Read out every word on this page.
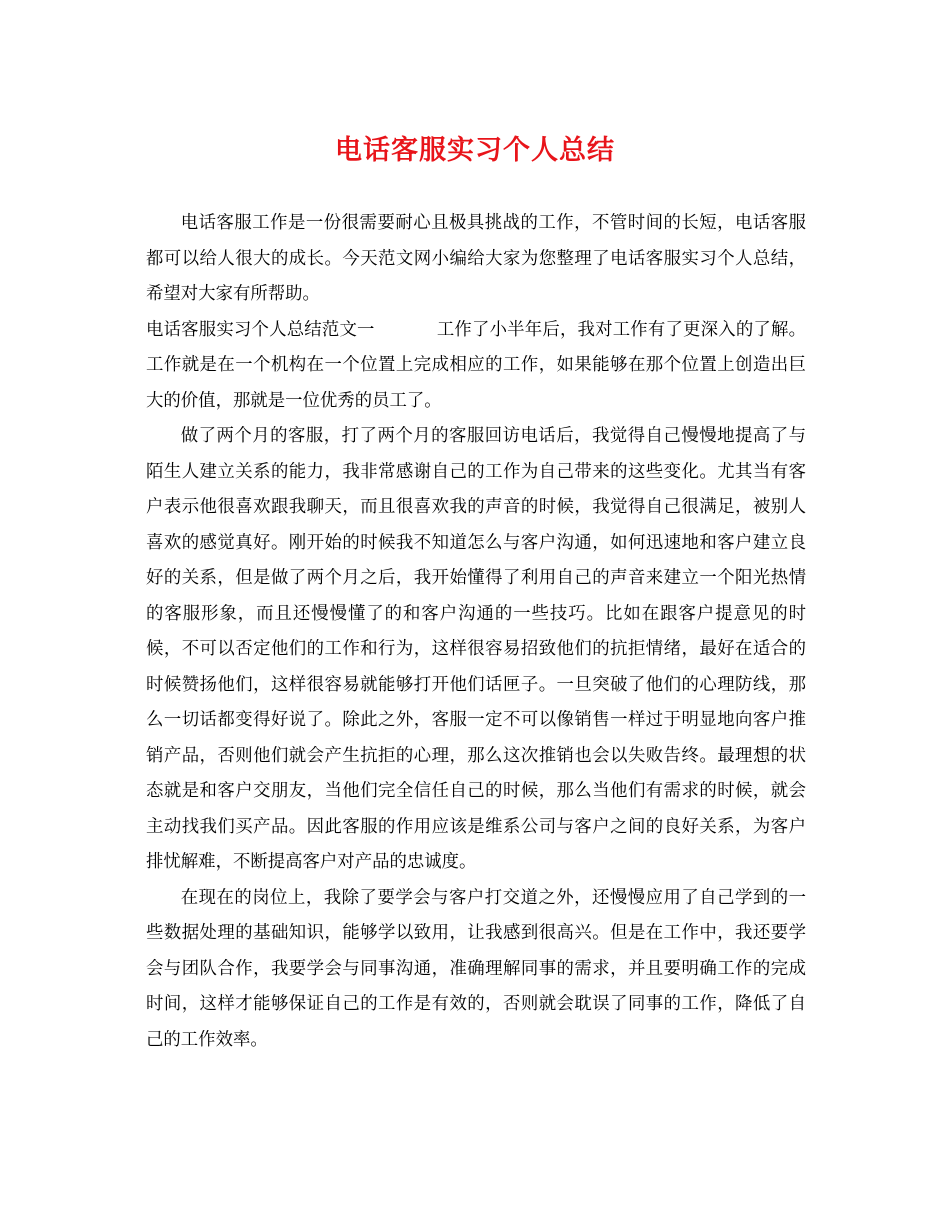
电话客服实习个人总结

电话客服工作是一份很需要耐心且极具挑战的工作，不管时间的长短，电话客服都可以给人很大的成长。今天范文网小编给大家为您整理了电话客服实习个人总结，希望对大家有所帮助。

电话客服实习个人总结范文一	工作了小半年后，我对工作有了更深入的了解。工作就是在一个机构在一个位置上完成相应的工作，如果能够在那个位置上创造出巨大的价值，那就是一位优秀的员工了。

做了两个月的客服，打了两个月的客服回访电话后，我觉得自己慢慢地提高了与陌生人建立关系的能力，我非常感谢自己的工作为自己带来的这些变化。尤其当有客户表示他很喜欢跟我聊天，而且很喜欢我的声音的时候，我觉得自己很满足，被别人喜欢的感觉真好。刚开始的时候我不知道怎么与客户沟通，如何迅速地和客户建立良好的关系，但是做了两个月之后，我开始懂得了利用自己的声音来建立一个阳光热情的客服形象，而且还慢慢懂了的和客户沟通的一些技巧。比如在跟客户提意见的时候，不可以否定他们的工作和行为，这样很容易招致他们的抗拒情绪，最好在适合的时候赞扬他们，这样很容易就能够打开他们话匣子。一旦突破了他们的心理防线，那么一切话都变得好说了。除此之外，客服一定不可以像销售一样过于明显地向客户推销产品，否则他们就会产生抗拒的心理，那么这次推销也会以失败告终。最理想的状态就是和客户交朋友，当他们完全信任自己的时候，那么当他们有需求的时候，就会主动找我们买产品。因此客服的作用应该是维系公司与客户之间的良好关系，为客户排忧解难，不断提高客户对产品的忠诚度。

在现在的岗位上，我除了要学会与客户打交道之外，还慢慢应用了自己学到的一些数据处理的基础知识，能够学以致用，让我感到很高兴。但是在工作中，我还要学会与团队合作，我要学会与同事沟通，准确理解同事的需求，并且要明确工作的完成时间，这样才能够保证自己的工作是有效的，否则就会耽误了同事的工作，降低了自己的工作效率。
